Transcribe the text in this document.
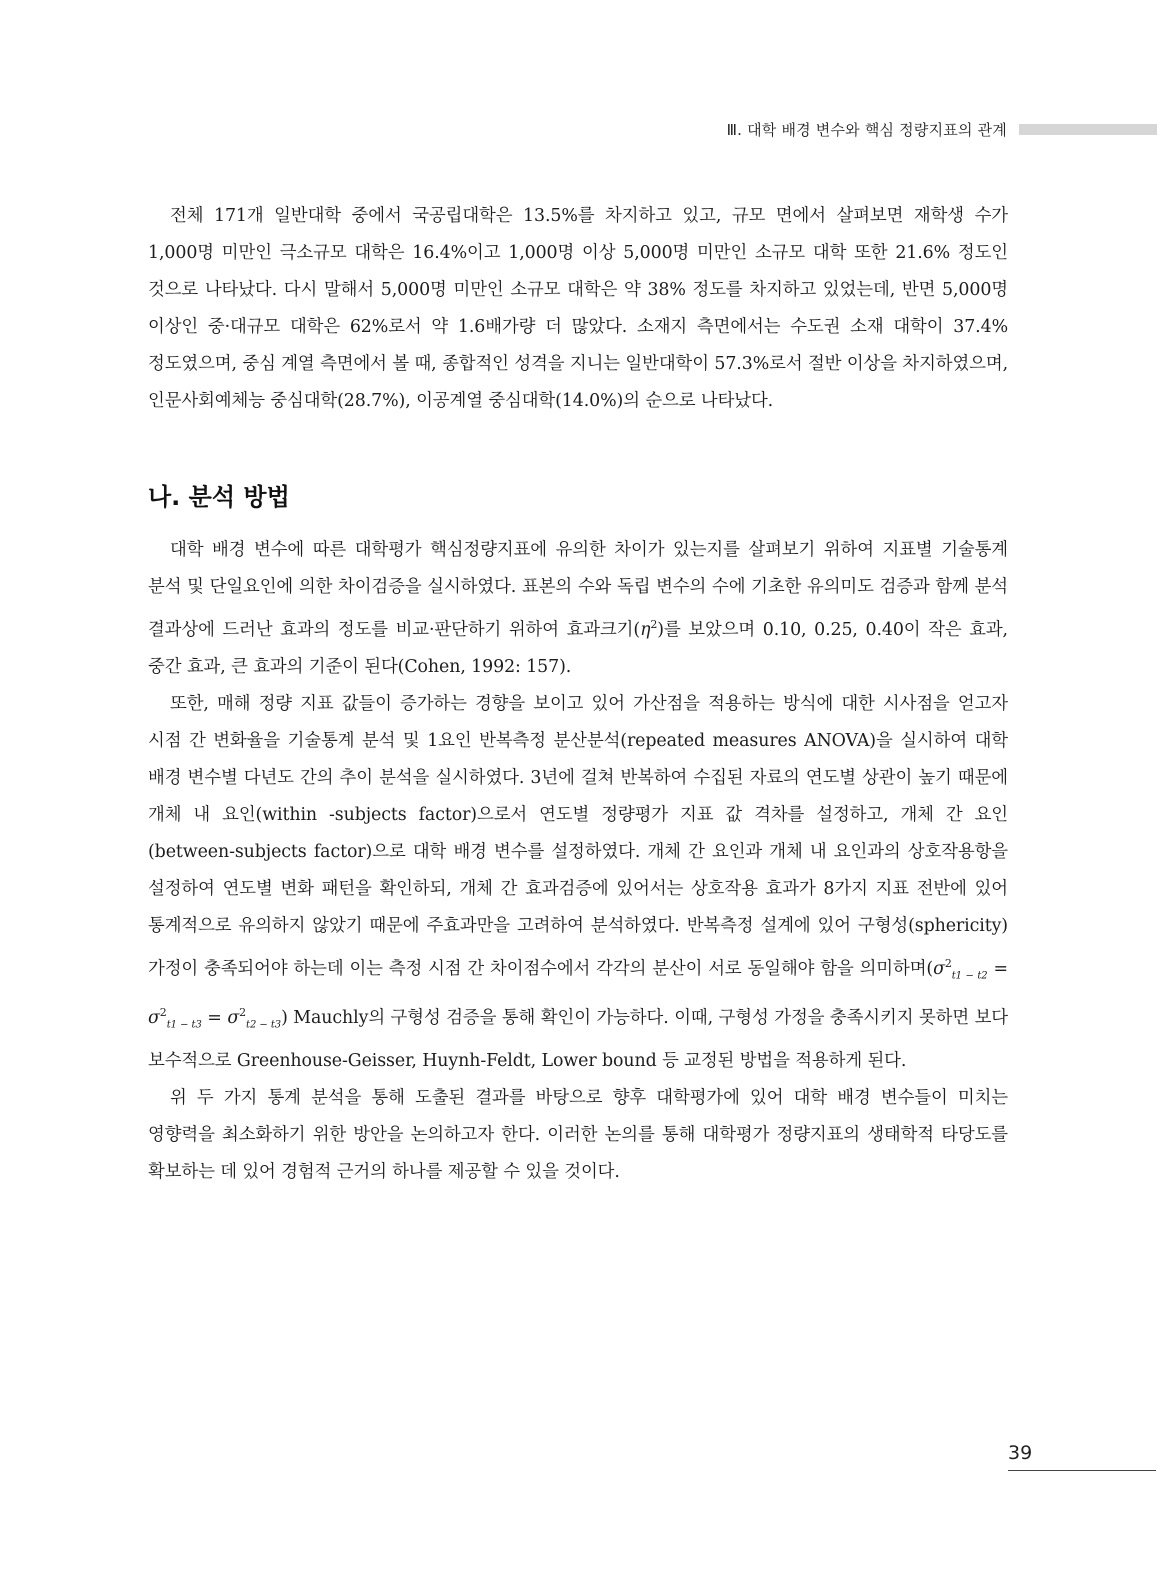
Ⅲ. 대학 배경 변수와 핵심 정량지표의 관계

전체 171개 일반대학 중에서 국공립대학은 13.5%를 차지하고 있고, 규모 면에서 살펴보면 재학생 수가 1,000명 미만인 극소규모 대학은 16.4%이고 1,000명 이상 5,000명 미만인 소규모 대학 또한 21.6% 정도인 것으로 나타났다. 다시 말해서 5,000명 미만인 소규모 대학은 약 38% 정도를 차지하고 있었는데, 반면 5,000명 이상인 중·대규모 대학은 62%로서 약 1.6배가량 더 많았다. 소재지 측면에서는 수도권 소재 대학이 37.4% 정도였으며, 중심 계열 측면에서 볼 때, 종합적인 성격을 지니는 일반대학이 57.3%로서 절반 이상을 차지하였으며, 인문사회예체능 중심대학(28.7%), 이공계열 중심대학(14.0%)의 순으로 나타났다.

나. 분석 방법

대학 배경 변수에 따른 대학평가 핵심정량지표에 유의한 차이가 있는지를 살펴보기 위하여 지표별 기술통계 분석 및 단일요인에 의한 차이검증을 실시하였다. 표본의 수와 독립 변수의 수에 기초한 유의미도 검증과 함께 분석 결과상에 드러난 효과의 정도를 비교·판단하기 위하여 효과크기$(\eta^2)$를 보았으며 0.10, 0.25, 0.40이 작은 효과, 중간 효과, 큰 효과의 기준이 된다(Cohen, 1992: 157).

또한, 매해 정량 지표 값들이 증가하는 경향을 보이고 있어 가산점을 적용하는 방식에 대한 시사점을 얻고자 시점 간 변화율을 기술통계 분석 및 1요인 반복측정 분산분석(repeated measures ANOVA)을 실시하여 대학 배경 변수별 다년도 간의 추이 분석을 실시하였다. 3년에 걸쳐 반복하여 수집된 자료의 연도별 상관이 높기 때문에 개체 내 요인(within -subjects factor)으로서 연도별 정량평가 지표 값 격차를 설정하고, 개체 간 요인(between-subjects factor)으로 대학 배경 변수를 설정하였다. 개체 간 요인과 개체 내 요인과의 상호작용항을 설정하여 연도별 변화 패턴을 확인하되, 개체 간 효과검증에 있어서는 상호작용 효과가 8가지 지표 전반에 있어 통계적으로 유의하지 않았기 때문에 주효과만을 고려하여 분석하였다. 반복측정 설계에 있어 구형성(sphericity) 가정이 충족되어야 하는데 이는 측정 시점 간 차이점수에서 각각의 분산이 서로 동일해야 함을 의미하며$(\sigma^2_{t1 - t2} = \sigma^2_{t1 - t3} = \sigma^2_{t2 - t3})$ Mauchly의 구형성 검증을 통해 확인이 가능하다. 이때, 구형성 가정을 충족시키지 못하면 보다 보수적으로 Greenhouse-Geisser, Huynh-Feldt, Lower bound 등 교정된 방법을 적용하게 된다.

위 두 가지 통계 분석을 통해 도출된 결과를 바탕으로 향후 대학평가에 있어 대학 배경 변수들이 미치는 영향력을 최소화하기 위한 방안을 논의하고자 한다. 이러한 논의를 통해 대학평가 정량지표의 생태학적 타당도를 확보하는 데 있어 경험적 근거의 하나를 제공할 수 있을 것이다.

39
